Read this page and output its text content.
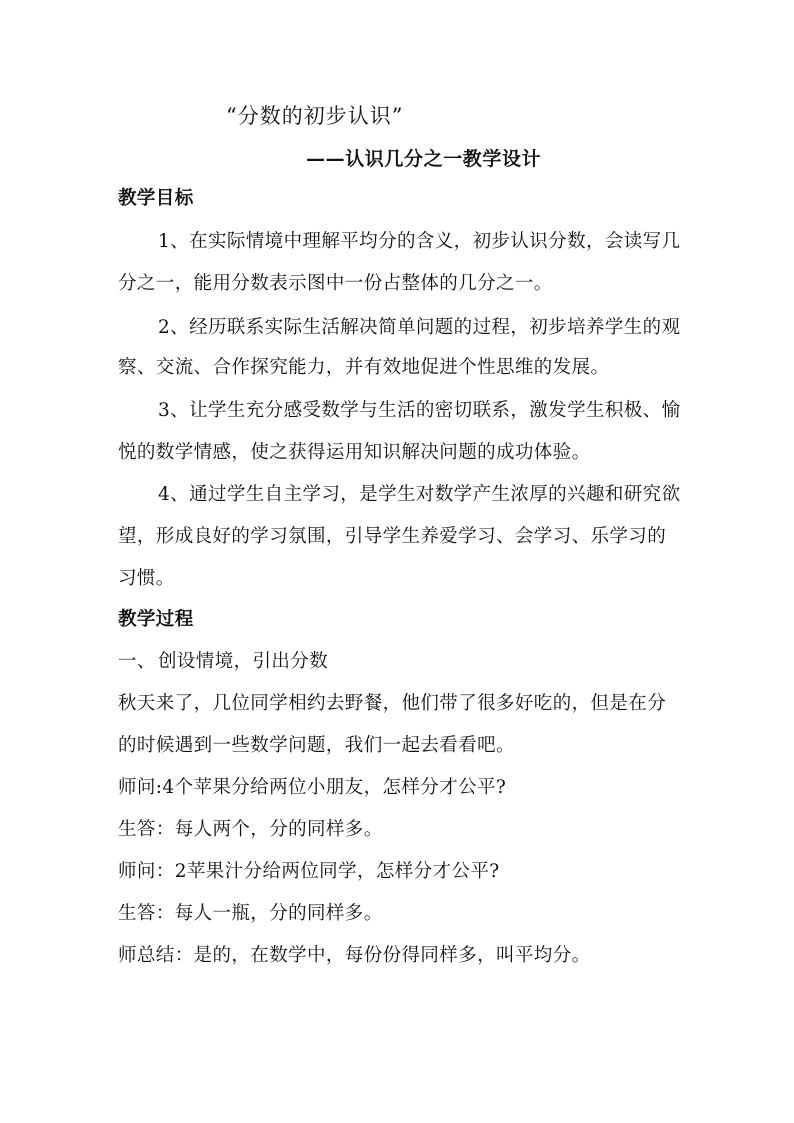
“分数的初步认识”
——认识几分之一教学设计
教学目标
1、在实际情境中理解平均分的含义，初步认识分数，会读写几
分之一，能用分数表示图中一份占整体的几分之一。
2、经历联系实际生活解决简单问题的过程，初步培养学生的观
察、交流、合作探究能力，并有效地促进个性思维的发展。
3、让学生充分感受数学与生活的密切联系，激发学生积极、愉
悦的数学情感，使之获得运用知识解决问题的成功体验。
4、通过学生自主学习，是学生对数学产生浓厚的兴趣和研究欲
望，形成良好的学习氛围，引导学生养爱学习、会学习、乐学习的
习惯。
教学过程
一、 创设情境，引出分数
秋天来了，几位同学相约去野餐，他们带了很多好吃的，但是在分
的时候遇到一些数学问题，我们一起去看看吧。
师问:4个苹果分给两位小朋友，怎样分才公平?
生答：每人两个，分的同样多。
师问：2苹果汁分给两位同学，怎样分才公平?
生答：每人一瓶，分的同样多。
师总结：是的，在数学中，每份份得同样多，叫平均分。
